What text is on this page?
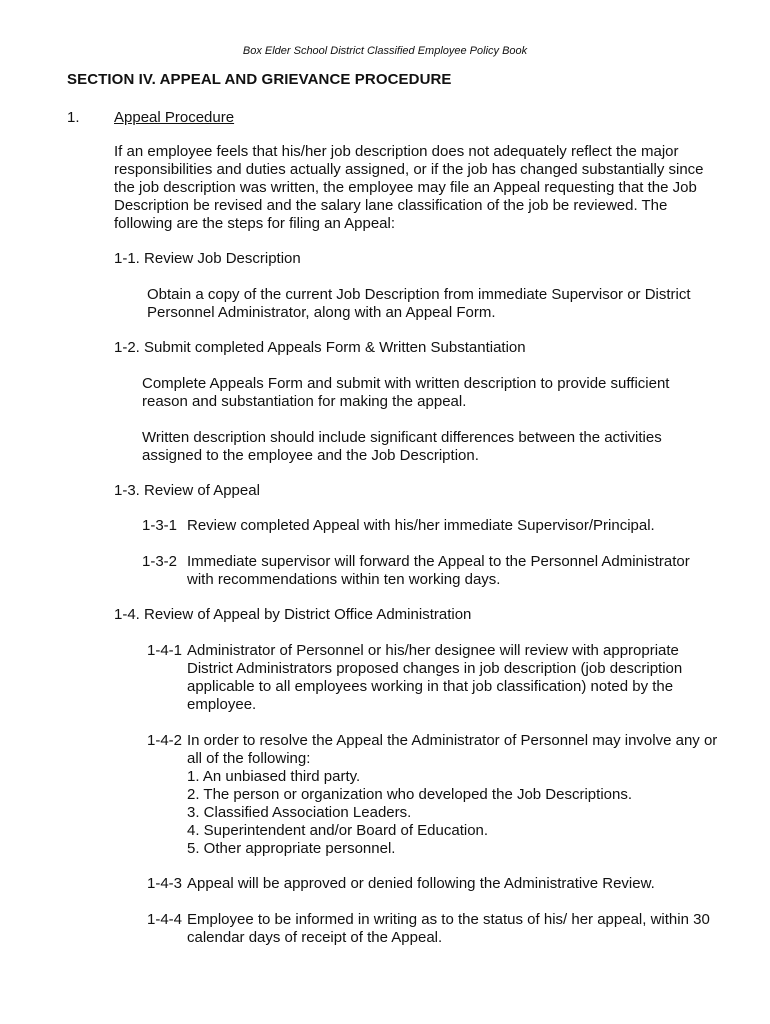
Box Elder School District Classified Employee Policy Book
SECTION IV. APPEAL AND GRIEVANCE PROCEDURE
1. Appeal Procedure
If an employee feels that his/her job description does not adequately reflect the major
responsibilities and duties actually assigned, or if the job has changed substantially since
the job description was written, the employee may file an Appeal requesting that the Job
Description be revised and the salary lane classification of the job be reviewed. The
following are the steps for filing an Appeal:
1-1. Review Job Description
Obtain a copy of the current Job Description from immediate Supervisor or District
Personnel Administrator, along with an Appeal Form.
1-2. Submit completed Appeals Form & Written Substantiation
Complete Appeals Form and submit with written description to provide sufficient
reason and substantiation for making the appeal.
Written description should include significant differences between the activities
assigned to the employee and the Job Description.
1-3. Review of Appeal
1-3-1 Review completed Appeal with his/her immediate Supervisor/Principal.
1-3-2 Immediate supervisor will forward the Appeal to the Personnel Administrator
with recommendations within ten working days.
1-4. Review of Appeal by District Office Administration
1-4-1 Administrator of Personnel or his/her designee will review with appropriate
District Administrators proposed changes in job description (job description
applicable to all employees working in that job classification) noted by the
employee.
1-4-2 In order to resolve the Appeal the Administrator of Personnel may involve any or
all of the following:
1. An unbiased third party.
2. The person or organization who developed the Job Descriptions.
3. Classified Association Leaders.
4. Superintendent and/or Board of Education.
5. Other appropriate personnel.
1-4-3 Appeal will be approved or denied following the Administrative Review.
1-4-4 Employee to be informed in writing as to the status of his/ her appeal, within 30
calendar days of receipt of the Appeal.
